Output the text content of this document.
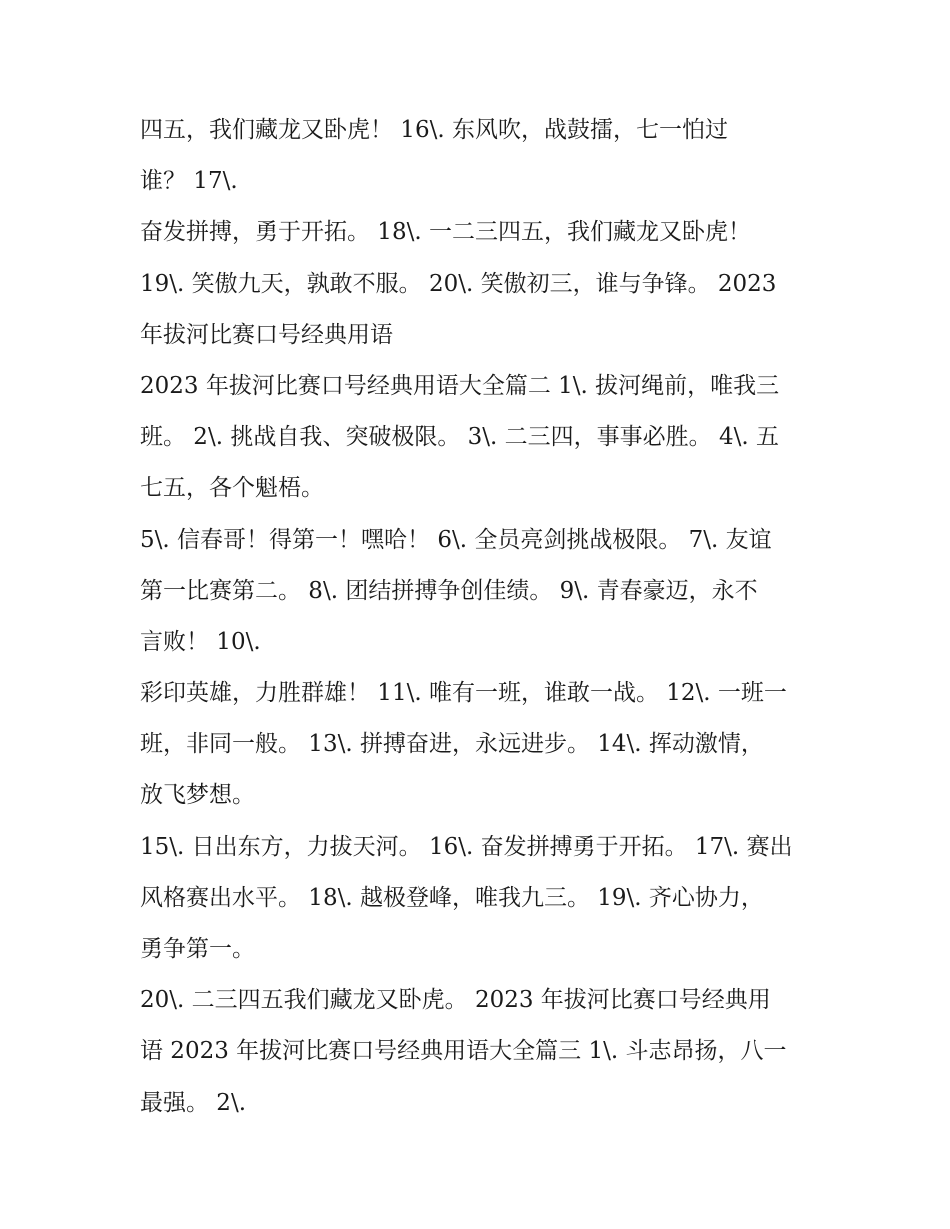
四五，我们藏龙又卧虎！ 16\. 东风吹，战鼓擂，七一怕过
谁？ 17\.
奋发拼搏，勇于开拓。 18\. 一二三四五，我们藏龙又卧虎！
19\. 笑傲九天，孰敢不服。 20\. 笑傲初三，谁与争锋。 2023
年拔河比赛口号经典用语
2023 年拔河比赛口号经典用语大全篇二 1\. 拔河绳前，唯我三
班。 2\. 挑战自我、突破极限。 3\. 二三四，事事必胜。 4\. 五
七五，各个魁梧。
5\. 信春哥！得第一！嘿哈！ 6\. 全员亮剑挑战极限。 7\. 友谊
第一比赛第二。 8\. 团结拼搏争创佳绩。 9\. 青春豪迈，永不
言败！ 10\.
彩印英雄，力胜群雄！ 11\. 唯有一班，谁敢一战。 12\. 一班一
班，非同一般。 13\. 拼搏奋进，永远进步。 14\. 挥动激情，
放飞梦想。
15\. 日出东方，力拔天河。 16\. 奋发拼搏勇于开拓。 17\. 赛出
风格赛出水平。 18\. 越极登峰，唯我九三。 19\. 齐心协力，
勇争第一。
20\. 二三四五我们藏龙又卧虎。 2023 年拔河比赛口号经典用
语 2023 年拔河比赛口号经典用语大全篇三 1\. 斗志昂扬，八一
最强。 2\.
